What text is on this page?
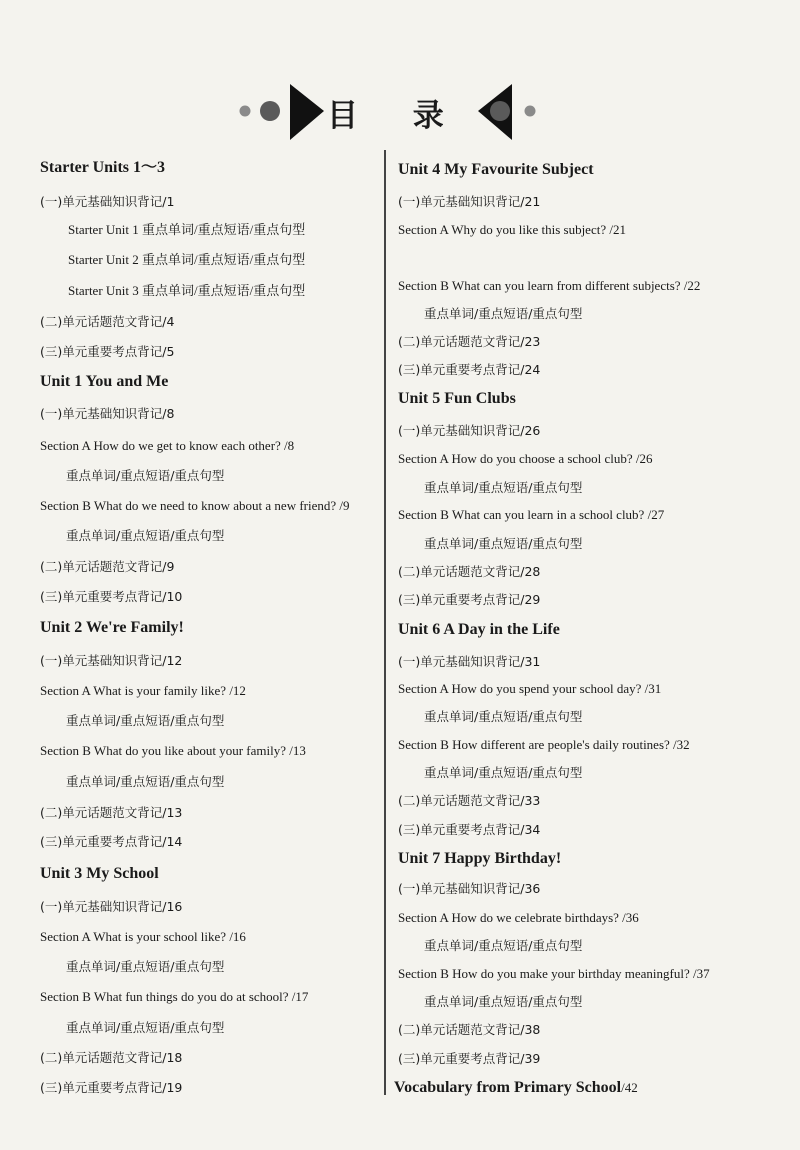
目 录
Starter Units 1～3
(一)单元基础知识背记/1
Starter Unit 1 重点单词/重点短语/重点句型
Starter Unit 2 重点单词/重点短语/重点句型
Starter Unit 3 重点单词/重点短语/重点句型
(二)单元话题范文背记/4
(三)单元重要考点背记/5
Unit 1 You and Me
(一)单元基础知识背记/8
Section A How do we get to know each other? /8
重点单词/重点短语/重点句型
Section B What do we need to know about a new friend? /9
重点单词/重点短语/重点句型
(二)单元话题范文背记/9
(三)单元重要考点背记/10
Unit 2 We're Family!
(一)单元基础知识背记/12
Section A What is your family like? /12
重点单词/重点短语/重点句型
Section B What do you like about your family? /13
重点单词/重点短语/重点句型
(二)单元话题范文背记/13
(三)单元重要考点背记/14
Unit 3 My School
(一)单元基础知识背记/16
Section A What is your school like? /16
重点单词/重点短语/重点句型
Section B What fun things do you do at school? /17
重点单词/重点短语/重点句型
(二)单元话题范文背记/18
(三)单元重要考点背记/19
Unit 4 My Favourite Subject
(一)单元基础知识背记/21
Section A Why do you like this subject? /21
Section B What can you learn from different subjects? /22
重点单词/重点短语/重点句型
(二)单元话题范文背记/23
(三)单元重要考点背记/24
Unit 5 Fun Clubs
(一)单元基础知识背记/26
Section A How do you choose a school club? /26
重点单词/重点短语/重点句型
Section B What can you learn in a school club? /27
重点单词/重点短语/重点句型
(二)单元话题范文背记/28
(三)单元重要考点背记/29
Unit 6 A Day in the Life
(一)单元基础知识背记/31
Section A How do you spend your school day? /31
重点单词/重点短语/重点句型
Section B How different are people's daily routines? /32
重点单词/重点短语/重点句型
(二)单元话题范文背记/33
(三)单元重要考点背记/34
Unit 7 Happy Birthday!
(一)单元基础知识背记/36
Section A How do we celebrate birthdays? /36
重点单词/重点短语/重点句型
Section B How do you make your birthday meaningful? /37
重点单词/重点短语/重点句型
(二)单元话题范文背记/38
(三)单元重要考点背记/39
Vocabulary from Primary School/42
